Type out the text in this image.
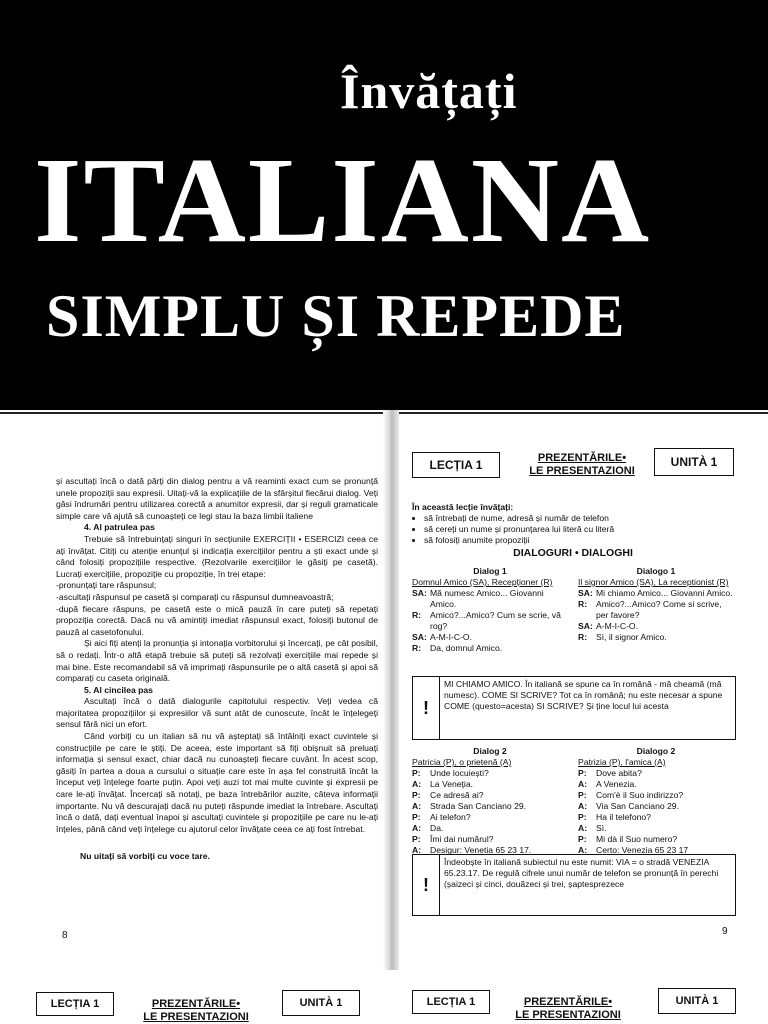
Învățați
ITALIANA
SIMPLU ȘI REPEDE

și ascultați încă o dată părți din dialog pentru a vă reaminti exact cum se pronunță unele propoziții sau expresii. Uitați-vă la explicațiile de la sfârșitul fiecărui dialog. Veți găsi îndrumări pentru utilizarea corectă a anumitor expresii, dar și reguli gramaticale simple care vă ajută să cunoașteți ce legi stau la baza limbii italiene

4. Al patrulea pas

Trebuie să întrebuințați singuri în secțiunile EXERCIȚII • ESERCIZI ceea ce ați învățat. Citiți cu atenție enunțul și indicația exercițiilor pentru a ști exact unde și când folosiți propozițiile respective. (Rezolvarile exercițiilor le găsiți pe casetă). Lucrați exercițiile, propoziție cu propoziție, în trei etape:

-pronunțați tare răspunsul;

-ascultați răspunsul pe casetă și comparați cu răspunsul dumneavoastră;

-după fiecare răspuns, pe casetă este o mică pauză în care puteți să repetați propoziția corectă. Dacă nu vă amintiți imediat răspunsul exact, folosiți butonul de pauză al casetofonului.

Și aici fiți atenți la pronunția și intonația vorbitorului și încercați, pe cât posibil, să o redați. Într-o altă etapă trebuie să puteți să rezolvați exercițiile mai repede și mai bine. Este recomandabil să vă imprimați răspunsurile pe o altă casetă și apoi să comparați cu caseta originală.

5. Al cincilea pas

Ascultați încă o dată dialogurile capitolului respectiv. Veți vedea că majoritatea propozițiilor și expresiilor vă sunt atât de cunoscute, încât le înțelegeți sensul fără nici un efort.

Când vorbiți cu un italian să nu vă așteptați să întâlniți exact cuvintele și construcțiile pe care le știți. De aceea, este important să fiți obișnuit să preluați informația și sensul exact, chiar dacă nu cunoașteți fiecare cuvânt. În acest scop, găsiți în partea a doua a cursului o situație care este în așa fel construită încât la început veți înțelege foarte puțin. Apoi veți auzi tot mai multe cuvinte și expresii pe care le-ați învățat. Încercați să notați, pe baza întrebărilor auzite, câteva informații importante. Nu vă descurajați dacă nu puteți răspunde imediat la întrebare. Ascultați încă o dată, dați eventual înapoi și ascultați cuvintele și propozițiile pe care nu le-ați înțeles, până când veți înțelege cu ajutorul celor învățate ceea ce ați fost întrebat.

Nu uitați să vorbiți cu voce tare.

8
LECȚIA 1	PREZENTĂRILE•
LE PRESENTAZIONI
UNITÀ 1
În această lecție învățați:
• să întrebați de nume, adresă și număr de telefon
• să cereți un nume și pronunțarea lui literă cu literă
• să folosiți anumite propoziții
DIALOGURI • DIALOGHI
Dialog 1
Domnul Amico (SA), Recepționer (R)
SA: Mă numesc Amico... Giovanni Amico.
R:	Amico?...Amico? Cum se scrie, vă rog?
SA: A-M-I-C-O.
R:	Da, domnul Amico.
Dialogo 1
Il signor Amico (SA), La receptionist (R)
SA: Mi chiamo Amico... Giovanni Amico.
R:	Amico?...Amico? Come si scrive, per favore?
SA: A-M-I-C-O.
R:	Sì, il signor Amico.
!
MI CHIAMO AMICO. În italiană se spune ca în română - mă cheamă (mă numesc). COME SI SCRIVE? Tot ca în română; nu este necesar a spune COME (questo=acesta) SI SCRIVE? Și ține locul lui acesta
Dialog 2
Patricia (P), o prietenă (A)
P:	Unde locuiești?
A:	La Veneția.
P:	Ce adresă ai?
A:	Strada San Canciano 29.
P:	Ai telefon?
A:	Da.
P:	Îmi dai numărul?
A:	Desigur: Venetia 65 23 17.
Dialogo 2
Patrizia (P), l'amica (A)
P:	Dove abita?
A:	A Venezia.
P:	Com'è il Suo indirizzo?
A:	Via San Canciano 29.
P:	Ha il telefono?
A:	Sì.
P:	Mi dà il Suo numero?
A:	Certo: Venezia 65 23 17
!
Îndeobște în italiană subiectul nu este numit: VIA = o stradă VENEZIA 65.23.17. De regulă cifrele unui număr de telefon se pronunță în perechi (șaizeci și cinci, douăzeci și trei, șaptesprezece
9
LECȚIA 1	PREZENTĂRILE•
LE PRESENTAZIONI
UNITÀ 1	LECȚIA 1	PREZENTĂRILE•
LE PRESENTAZIONI
UNITÀ 1
